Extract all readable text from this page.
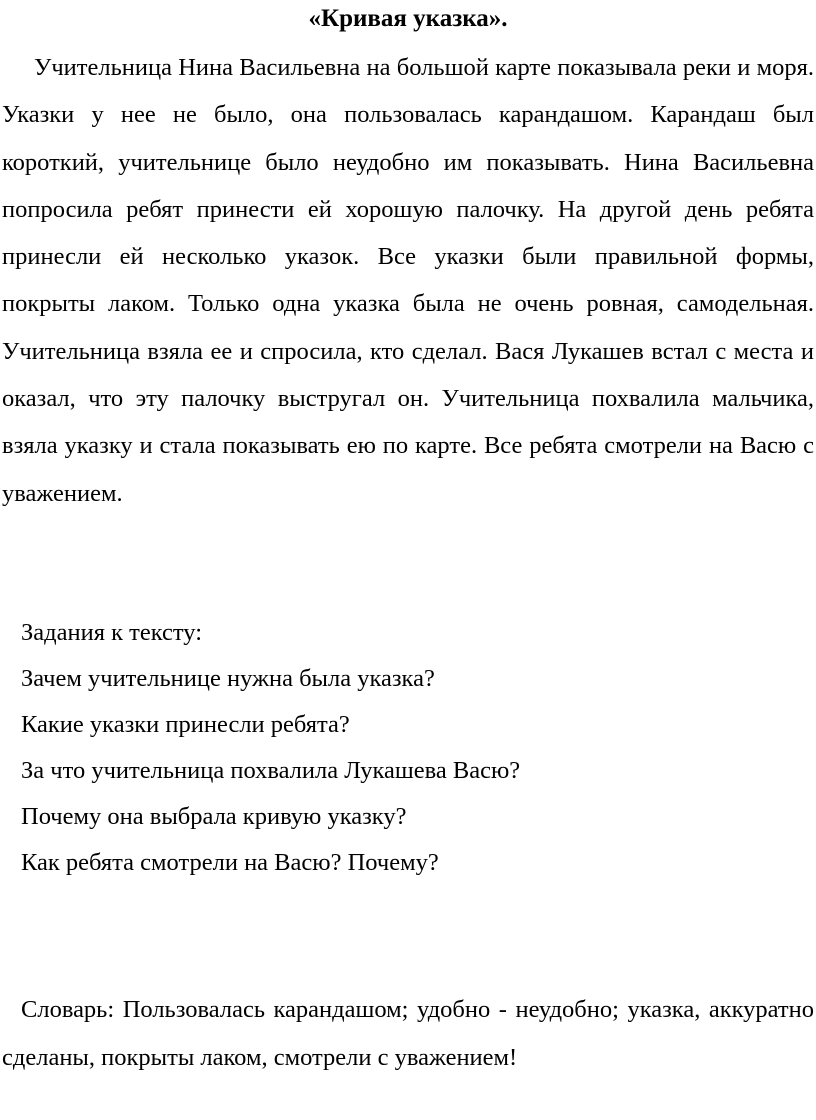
«Кривая указка».

Учительница Нина Васильевна на большой карте показывала реки и моря. Указки у нее не было, она пользовалась карандашом. Карандаш был короткий, учительнице было неудобно им показывать. Нина Васильевна попросила ребят принести ей хорошую палочку. На другой день ребята принесли ей несколько указок. Все указки были правильной формы, покрыты лаком. Только одна указка была не очень ровная, самодельная. Учительница взяла ее и спросила, кто сделал. Вася Лукашев встал с места и оказал, что эту палочку выстругал он. Учительница похвалила мальчика, взяла указку и стала показывать ею по карте. Все ребята смотрели на Васю с уважением.

Задания к тексту:
Зачем учительнице нужна была указка?
Какие указки принесли ребята?
За что учительница похвалила Лукашева Васю?
Почему она выбрала кривую указку?
Как ребята смотрели на Васю? Почему?

Словарь: Пользовалась карандашом; удобно - неудобно; указка, аккуратно сделаны, покрыты лаком, смотрели с уважением!
